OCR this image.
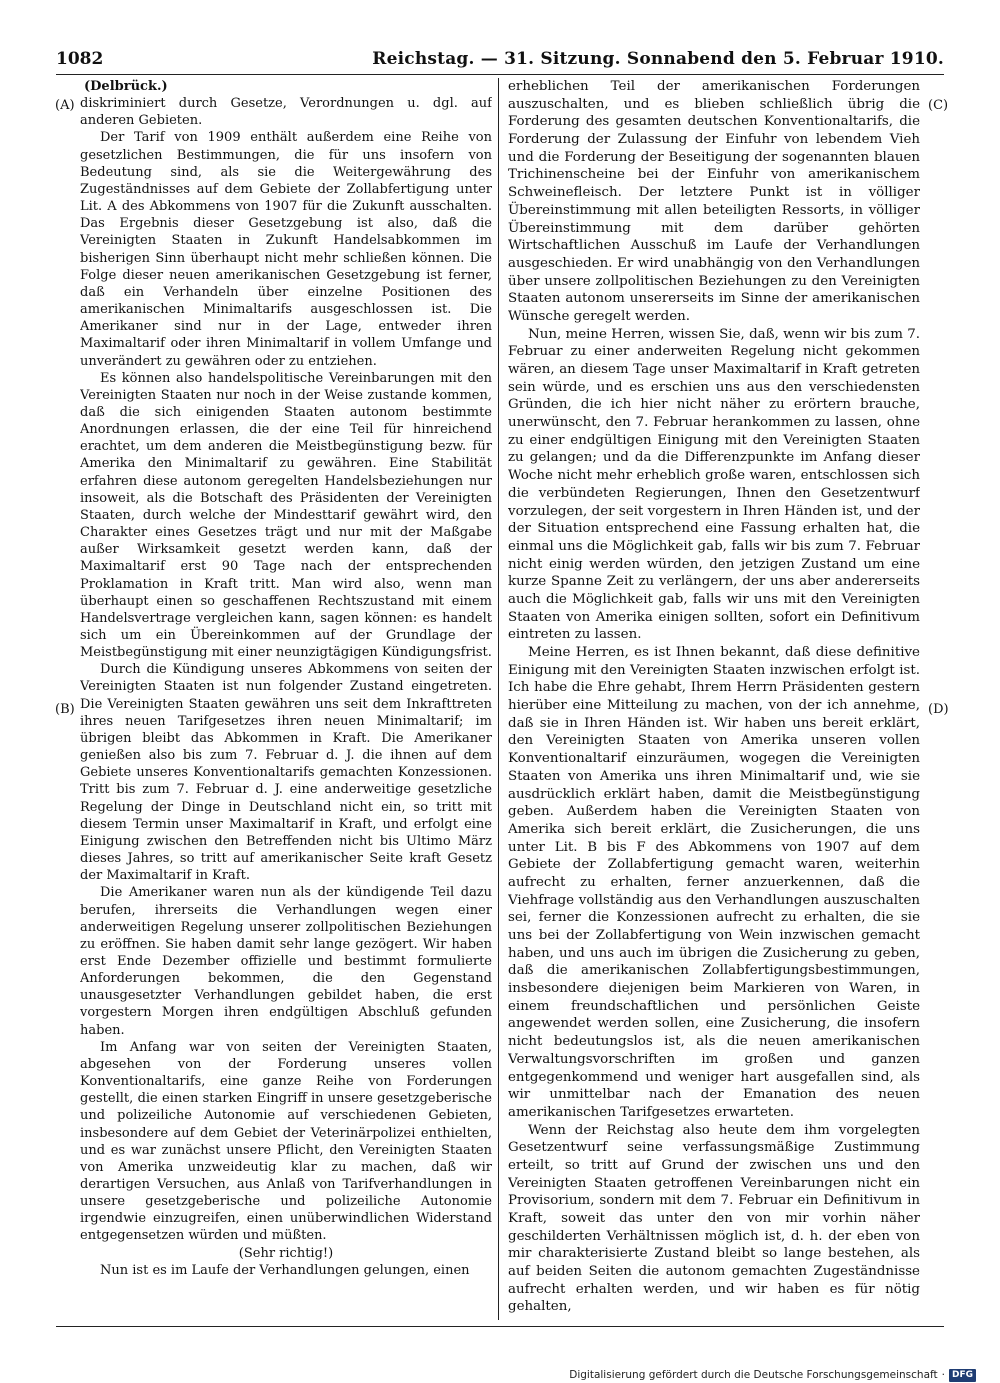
1082	Reichstag. — 31. Sitzung. Sonnabend den 5. Februar 1910.
(A)
(B)
(C)
(D)

(Delbrück.)

diskriminiert durch Gesetze, Verordnungen u. dgl. auf anderen Gebieten.

Der Tarif von 1909 enthält außerdem eine Reihe von gesetzlichen Bestimmungen, die für uns insofern von Bedeutung sind, als sie die Weitergewährung des Zugeständnisses auf dem Gebiete der Zollabfertigung unter Lit. A des Abkommens von 1907 für die Zukunft ausschalten. Das Ergebnis dieser Gesetzgebung ist also, daß die Vereinigten Staaten in Zukunft Handelsabkommen im bisherigen Sinn überhaupt nicht mehr schließen können. Die Folge dieser neuen amerikanischen Gesetzgebung ist ferner, daß ein Verhandeln über einzelne Positionen des amerikanischen Minimaltarifs ausgeschlossen ist. Die Amerikaner sind nur in der Lage, entweder ihren Maximaltarif oder ihren Minimaltarif in vollem Umfange und unverändert zu gewähren oder zu entziehen.

Es können also handelspolitische Vereinbarungen mit den Vereinigten Staaten nur noch in der Weise zustande kommen, daß die sich einigenden Staaten autonom bestimmte Anordnungen erlassen, die der eine Teil für hinreichend erachtet, um dem anderen die Meistbegünstigung bezw. für Amerika den Minimaltarif zu gewähren. Eine Stabilität erfahren diese autonom geregelten Handelsbeziehungen nur insoweit, als die Botschaft des Präsidenten der Vereinigten Staaten, durch welche der Mindesttarif gewährt wird, den Charakter eines Gesetzes trägt und nur mit der Maßgabe außer Wirksamkeit gesetzt werden kann, daß der Maximaltarif erst 90 Tage nach der entsprechenden Proklamation in Kraft tritt. Man wird also, wenn man überhaupt einen so geschaffenen Rechtszustand mit einem Handelsvertrage vergleichen kann, sagen können: es handelt sich um ein Übereinkommen auf der Grundlage der Meistbegünstigung mit einer neunzigtägigen Kündigungsfrist.

Durch die Kündigung unseres Abkommens von seiten der Vereinigten Staaten ist nun folgender Zustand eingetreten. Die Vereinigten Staaten gewähren uns seit dem Inkrafttreten ihres neuen Tarifgesetzes ihren neuen Minimaltarif; im übrigen bleibt das Abkommen in Kraft. Die Amerikaner genießen also bis zum 7. Februar d. J. die ihnen auf dem Gebiete unseres Konventionaltarifs gemachten Konzessionen. Tritt bis zum 7. Februar d. J. eine anderweitige gesetzliche Regelung der Dinge in Deutschland nicht ein, so tritt mit diesem Termin unser Maximaltarif in Kraft, und erfolgt eine Einigung zwischen den Betreffenden nicht bis Ultimo März dieses Jahres, so tritt auf amerikanischer Seite kraft Gesetz der Maximaltarif in Kraft.

Die Amerikaner waren nun als der kündigende Teil dazu berufen, ihrerseits die Verhandlungen wegen einer anderweitigen Regelung unserer zollpolitischen Beziehungen zu eröffnen. Sie haben damit sehr lange gezögert. Wir haben erst Ende Dezember offizielle und bestimmt formulierte Anforderungen bekommen, die den Gegenstand unausgesetzter Verhandlungen gebildet haben, die erst vorgestern Morgen ihren endgültigen Abschluß gefunden haben.

Im Anfang war von seiten der Vereinigten Staaten, abgesehen von der Forderung unseres vollen Konventionaltarifs, eine ganze Reihe von Forderungen gestellt, die einen starken Eingriff in unsere gesetzgeberische und polizeiliche Autonomie auf verschiedenen Gebieten, insbesondere auf dem Gebiet der Veterinärpolizei enthielten, und es war zunächst unsere Pflicht, den Vereinigten Staaten von Amerika unzweideutig klar zu machen, daß wir derartigen Versuchen, aus Anlaß von Tarifverhandlungen in unsere gesetzgeberische und polizeiliche Autonomie irgendwie einzugreifen, einen unüberwindlichen Widerstand entgegensetzen würden und müßten.

(Sehr richtig!)

Nun ist es im Laufe der Verhandlungen gelungen, einen

erheblichen Teil der amerikanischen Forderungen auszuschalten, und es blieben schließlich übrig die Forderung des gesamten deutschen Konventionaltarifs, die Forderung der Zulassung der Einfuhr von lebendem Vieh und die Forderung der Beseitigung der sogenannten blauen Trichinenscheine bei der Einfuhr von amerikanischem Schweinefleisch. Der letztere Punkt ist in völliger Übereinstimmung mit allen beteiligten Ressorts, in völliger Übereinstimmung mit dem darüber gehörten Wirtschaftlichen Ausschuß im Laufe der Verhandlungen ausgeschieden. Er wird unabhängig von den Verhandlungen über unsere zollpolitischen Beziehungen zu den Vereinigten Staaten autonom unsererseits im Sinne der amerikanischen Wünsche geregelt werden.

Nun, meine Herren, wissen Sie, daß, wenn wir bis zum 7. Februar zu einer anderweiten Regelung nicht gekommen wären, an diesem Tage unser Maximaltarif in Kraft getreten sein würde, und es erschien uns aus den verschiedensten Gründen, die ich hier nicht näher zu erörtern brauche, unerwünscht, den 7. Februar herankommen zu lassen, ohne zu einer endgültigen Einigung mit den Vereinigten Staaten zu gelangen; und da die Differenzpunkte im Anfang dieser Woche nicht mehr erheblich große waren, entschlossen sich die verbündeten Regierungen, Ihnen den Gesetzentwurf vorzulegen, der seit vorgestern in Ihren Händen ist, und der der Situation entsprechend eine Fassung erhalten hat, die einmal uns die Möglichkeit gab, falls wir bis zum 7. Februar nicht einig werden würden, den jetzigen Zustand um eine kurze Spanne Zeit zu verlängern, der uns aber andererseits auch die Möglichkeit gab, falls wir uns mit den Vereinigten Staaten von Amerika einigen sollten, sofort ein Definitivum eintreten zu lassen.

Meine Herren, es ist Ihnen bekannt, daß diese definitive Einigung mit den Vereinigten Staaten inzwischen erfolgt ist. Ich habe die Ehre gehabt, Ihrem Herrn Präsidenten gestern hierüber eine Mitteilung zu machen, von der ich annehme, daß sie in Ihren Händen ist. Wir haben uns bereit erklärt, den Vereinigten Staaten von Amerika unseren vollen Konventionaltarif einzuräumen, wogegen die Vereinigten Staaten von Amerika uns ihren Minimaltarif und, wie sie ausdrücklich erklärt haben, damit die Meistbegünstigung geben. Außerdem haben die Vereinigten Staaten von Amerika sich bereit erklärt, die Zusicherungen, die uns unter Lit. B bis F des Abkommens von 1907 auf dem Gebiete der Zollabfertigung gemacht waren, weiterhin aufrecht zu erhalten, ferner anzuerkennen, daß die Viehfrage vollständig aus den Verhandlungen auszuschalten sei, ferner die Konzessionen aufrecht zu erhalten, die sie uns bei der Zollabfertigung von Wein inzwischen gemacht haben, und uns auch im übrigen die Zusicherung zu geben, daß die amerikanischen Zollabfertigungsbestimmungen, insbesondere diejenigen beim Markieren von Waren, in einem freundschaftlichen und persönlichen Geiste angewendet werden sollen, eine Zusicherung, die insofern nicht bedeutungslos ist, als die neuen amerikanischen Verwaltungsvorschriften im großen und ganzen entgegenkommend und weniger hart ausgefallen sind, als wir unmittelbar nach der Emanation des neuen amerikanischen Tarifgesetzes erwarteten.

Wenn der Reichstag also heute dem ihm vorgelegten Gesetzentwurf seine verfassungsmäßige Zustimmung erteilt, so tritt auf Grund der zwischen uns und den Vereinigten Staaten getroffenen Vereinbarungen nicht ein Provisorium, sondern mit dem 7. Februar ein Definitivum in Kraft, soweit das unter den von mir vorhin näher geschilderten Verhältnissen möglich ist, d. h. der eben von mir charakterisierte Zustand bleibt so lange bestehen, als auf beiden Seiten die autonom gemachten Zugeständnisse aufrecht erhalten werden, und wir haben es für nötig gehalten,

Digitalisierung gefördert durch die Deutsche Forschungsgemeinschaft · DFG
